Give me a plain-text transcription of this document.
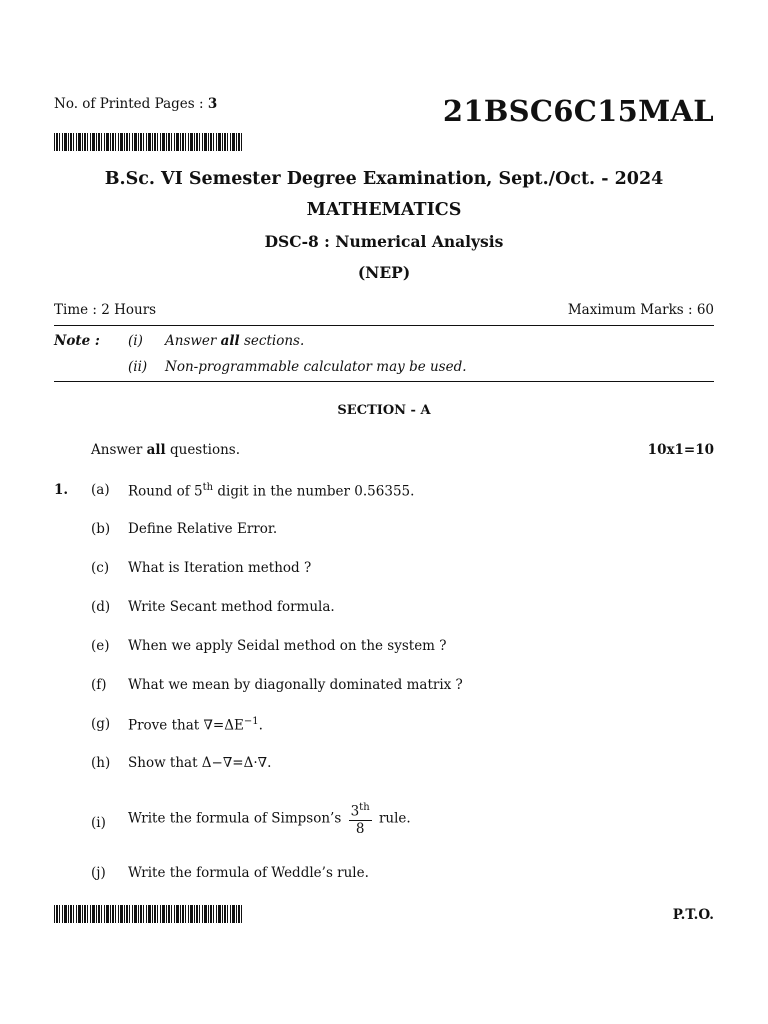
No. of Printed Pages : 3	21BSC6C15MAL
B.Sc. VI Semester Degree Examination, Sept./Oct. - 2024
MATHEMATICS
DSC-8 : Numerical Analysis
(NEP)
Time : 2 Hours	Maximum Marks : 60
Note : (i) Answer all sections.
(ii) Non-programmable calculator may be used.
SECTION - A
Answer all questions.	10x1=10
1. (a) Round of 5th digit in the number 0.56355.
(b) Define Relative Error.
(c) What is Iteration method ?
(d) Write Secant method formula.
(e) When we apply Seidal method on the system ?
(f) What we mean by diagonally dominated matrix ?
(g) Prove that $\nabla=\Delta E^{-1}$.
(h) Show that Δ−∇=Δ·∇.
(i) Write the formula of Simpson’s $\frac{3^{th}}{8}$ rule.
(j) Write the formula of Weddle’s rule.
P.T.O.
